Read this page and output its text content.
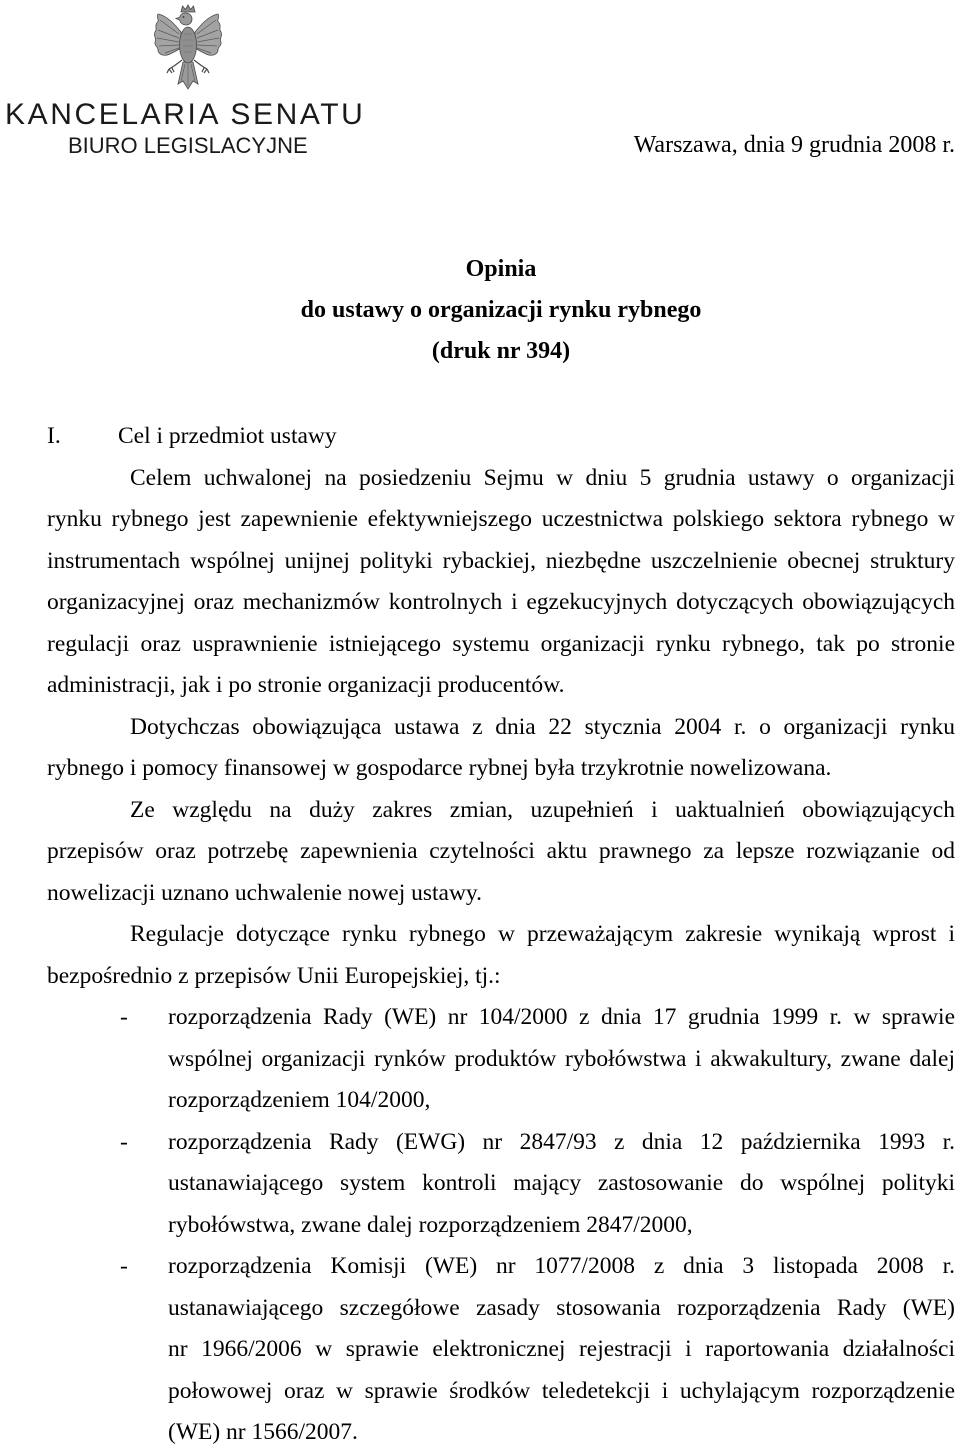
KANCELARIA SENATU
BIURO LEGISLACYJNE	Warszawa, dnia 9 grudnia 2008 r.
Opinia
do ustawy o organizacji rynku rybnego
(druk nr 394)
I. Cel i przedmiot ustawy
Celem uchwalonej na posiedzeniu Sejmu w dniu 5 grudnia ustawy o organizacji
rynku rybnego jest zapewnienie efektywniejszego uczestnictwa polskiego sektora rybnego w
instrumentach wspólnej unijnej polityki rybackiej, niezbędne uszczelnienie obecnej struktury
organizacyjnej oraz mechanizmów kontrolnych i egzekucyjnych dotyczących obowiązujących
regulacji oraz usprawnienie istniejącego systemu organizacji rynku rybnego, tak po stronie
administracji, jak i po stronie organizacji producentów.
Dotychczas obowiązująca ustawa z dnia 22 stycznia 2004 r. o organizacji rynku
rybnego i pomocy finansowej w gospodarce rybnej była trzykrotnie nowelizowana.
Ze względu na duży zakres zmian, uzupełnień i uaktualnień obowiązujących
przepisów oraz potrzebę zapewnienia czytelności aktu prawnego za lepsze rozwiązanie od
nowelizacji uznano uchwalenie nowej ustawy.
Regulacje dotyczące rynku rybnego w przeważającym zakresie wynikają wprost i
bezpośrednio z przepisów Unii Europejskiej, tj.:
- rozporządzenia Rady (WE) nr 104/2000 z dnia 17 grudnia 1999 r. w sprawie
wspólnej organizacji rynków produktów rybołówstwa i akwakultury, zwane dalej
rozporządzeniem 104/2000,
- rozporządzenia Rady (EWG) nr 2847/93 z dnia 12 października 1993 r.
ustanawiającego system kontroli mający zastosowanie do wspólnej polityki
rybołówstwa, zwane dalej rozporządzeniem 2847/2000,
- rozporządzenia Komisji (WE) nr 1077/2008 z dnia 3 listopada 2008 r.
ustanawiającego szczegółowe zasady stosowania rozporządzenia Rady (WE)
nr 1966/2006 w sprawie elektronicznej rejestracji i raportowania działalności
połowowej oraz w sprawie środków teledetekcji i uchylającym rozporządzenie
(WE) nr 1566/2007.
